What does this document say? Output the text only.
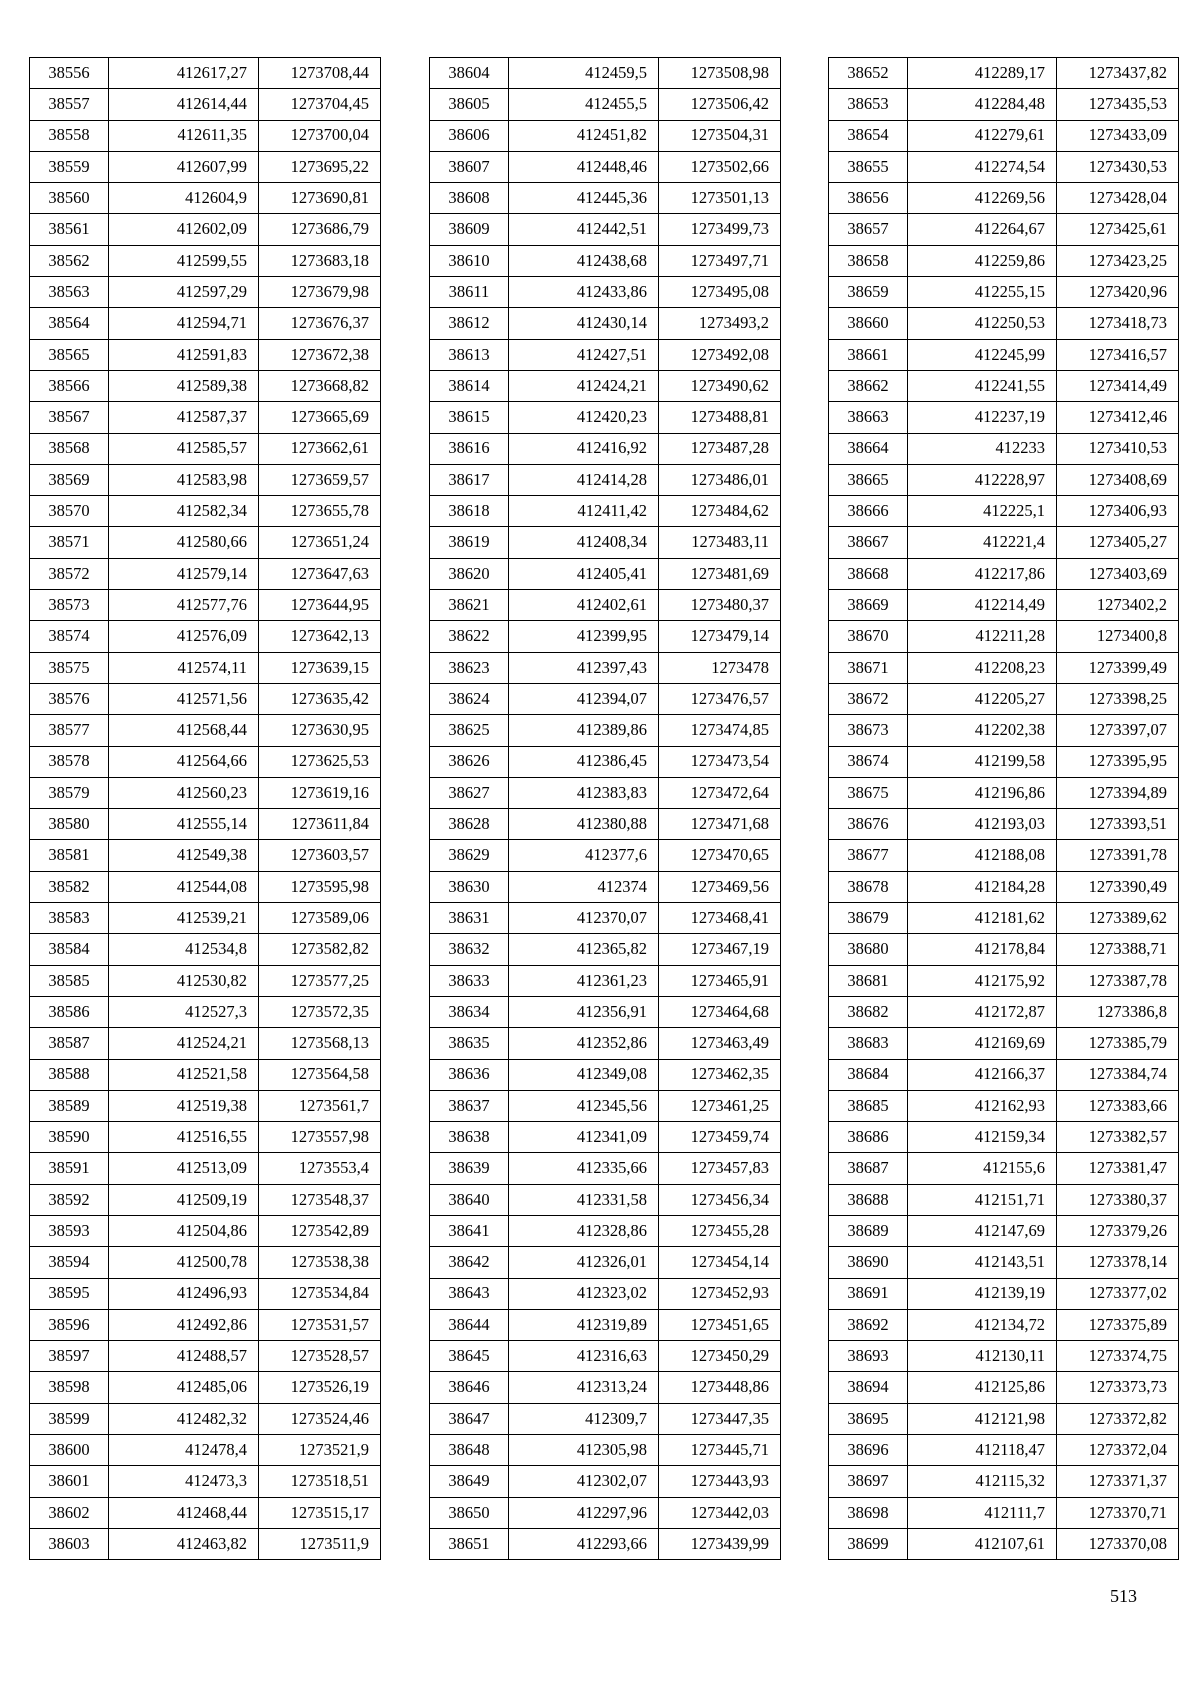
38556	412617,27	1273708,44
38557	412614,44	1273704,45
38558	412611,35	1273700,04
38559	412607,99	1273695,22
38560	412604,9	1273690,81
38561	412602,09	1273686,79
38562	412599,55	1273683,18
38563	412597,29	1273679,98
38564	412594,71	1273676,37
38565	412591,83	1273672,38
38566	412589,38	1273668,82
38567	412587,37	1273665,69
38568	412585,57	1273662,61
38569	412583,98	1273659,57
38570	412582,34	1273655,78
38571	412580,66	1273651,24
38572	412579,14	1273647,63
38573	412577,76	1273644,95
38574	412576,09	1273642,13
38575	412574,11	1273639,15
38576	412571,56	1273635,42
38577	412568,44	1273630,95
38578	412564,66	1273625,53
38579	412560,23	1273619,16
38580	412555,14	1273611,84
38581	412549,38	1273603,57
38582	412544,08	1273595,98
38583	412539,21	1273589,06
38584	412534,8	1273582,82
38585	412530,82	1273577,25
38586	412527,3	1273572,35
38587	412524,21	1273568,13
38588	412521,58	1273564,58
38589	412519,38	1273561,7
38590	412516,55	1273557,98
38591	412513,09	1273553,4
38592	412509,19	1273548,37
38593	412504,86	1273542,89
38594	412500,78	1273538,38
38595	412496,93	1273534,84
38596	412492,86	1273531,57
38597	412488,57	1273528,57
38598	412485,06	1273526,19
38599	412482,32	1273524,46
38600	412478,4	1273521,9
38601	412473,3	1273518,51
38602	412468,44	1273515,17
38603	412463,82	1273511,9
38604	412459,5	1273508,98
38605	412455,5	1273506,42
38606	412451,82	1273504,31
38607	412448,46	1273502,66
38608	412445,36	1273501,13
38609	412442,51	1273499,73
38610	412438,68	1273497,71
38611	412433,86	1273495,08
38612	412430,14	1273493,2
38613	412427,51	1273492,08
38614	412424,21	1273490,62
38615	412420,23	1273488,81
38616	412416,92	1273487,28
38617	412414,28	1273486,01
38618	412411,42	1273484,62
38619	412408,34	1273483,11
38620	412405,41	1273481,69
38621	412402,61	1273480,37
38622	412399,95	1273479,14
38623	412397,43	1273478
38624	412394,07	1273476,57
38625	412389,86	1273474,85
38626	412386,45	1273473,54
38627	412383,83	1273472,64
38628	412380,88	1273471,68
38629	412377,6	1273470,65
38630	412374	1273469,56
38631	412370,07	1273468,41
38632	412365,82	1273467,19
38633	412361,23	1273465,91
38634	412356,91	1273464,68
38635	412352,86	1273463,49
38636	412349,08	1273462,35
38637	412345,56	1273461,25
38638	412341,09	1273459,74
38639	412335,66	1273457,83
38640	412331,58	1273456,34
38641	412328,86	1273455,28
38642	412326,01	1273454,14
38643	412323,02	1273452,93
38644	412319,89	1273451,65
38645	412316,63	1273450,29
38646	412313,24	1273448,86
38647	412309,7	1273447,35
38648	412305,98	1273445,71
38649	412302,07	1273443,93
38650	412297,96	1273442,03
38651	412293,66	1273439,99
38652	412289,17	1273437,82
38653	412284,48	1273435,53
38654	412279,61	1273433,09
38655	412274,54	1273430,53
38656	412269,56	1273428,04
38657	412264,67	1273425,61
38658	412259,86	1273423,25
38659	412255,15	1273420,96
38660	412250,53	1273418,73
38661	412245,99	1273416,57
38662	412241,55	1273414,49
38663	412237,19	1273412,46
38664	412233	1273410,53
38665	412228,97	1273408,69
38666	412225,1	1273406,93
38667	412221,4	1273405,27
38668	412217,86	1273403,69
38669	412214,49	1273402,2
38670	412211,28	1273400,8
38671	412208,23	1273399,49
38672	412205,27	1273398,25
38673	412202,38	1273397,07
38674	412199,58	1273395,95
38675	412196,86	1273394,89
38676	412193,03	1273393,51
38677	412188,08	1273391,78
38678	412184,28	1273390,49
38679	412181,62	1273389,62
38680	412178,84	1273388,71
38681	412175,92	1273387,78
38682	412172,87	1273386,8
38683	412169,69	1273385,79
38684	412166,37	1273384,74
38685	412162,93	1273383,66
38686	412159,34	1273382,57
38687	412155,6	1273381,47
38688	412151,71	1273380,37
38689	412147,69	1273379,26
38690	412143,51	1273378,14
38691	412139,19	1273377,02
38692	412134,72	1273375,89
38693	412130,11	1273374,75
38694	412125,86	1273373,73
38695	412121,98	1273372,82
38696	412118,47	1273372,04
38697	412115,32	1273371,37
38698	412111,7	1273370,71
38699	412107,61	1273370,08
513
